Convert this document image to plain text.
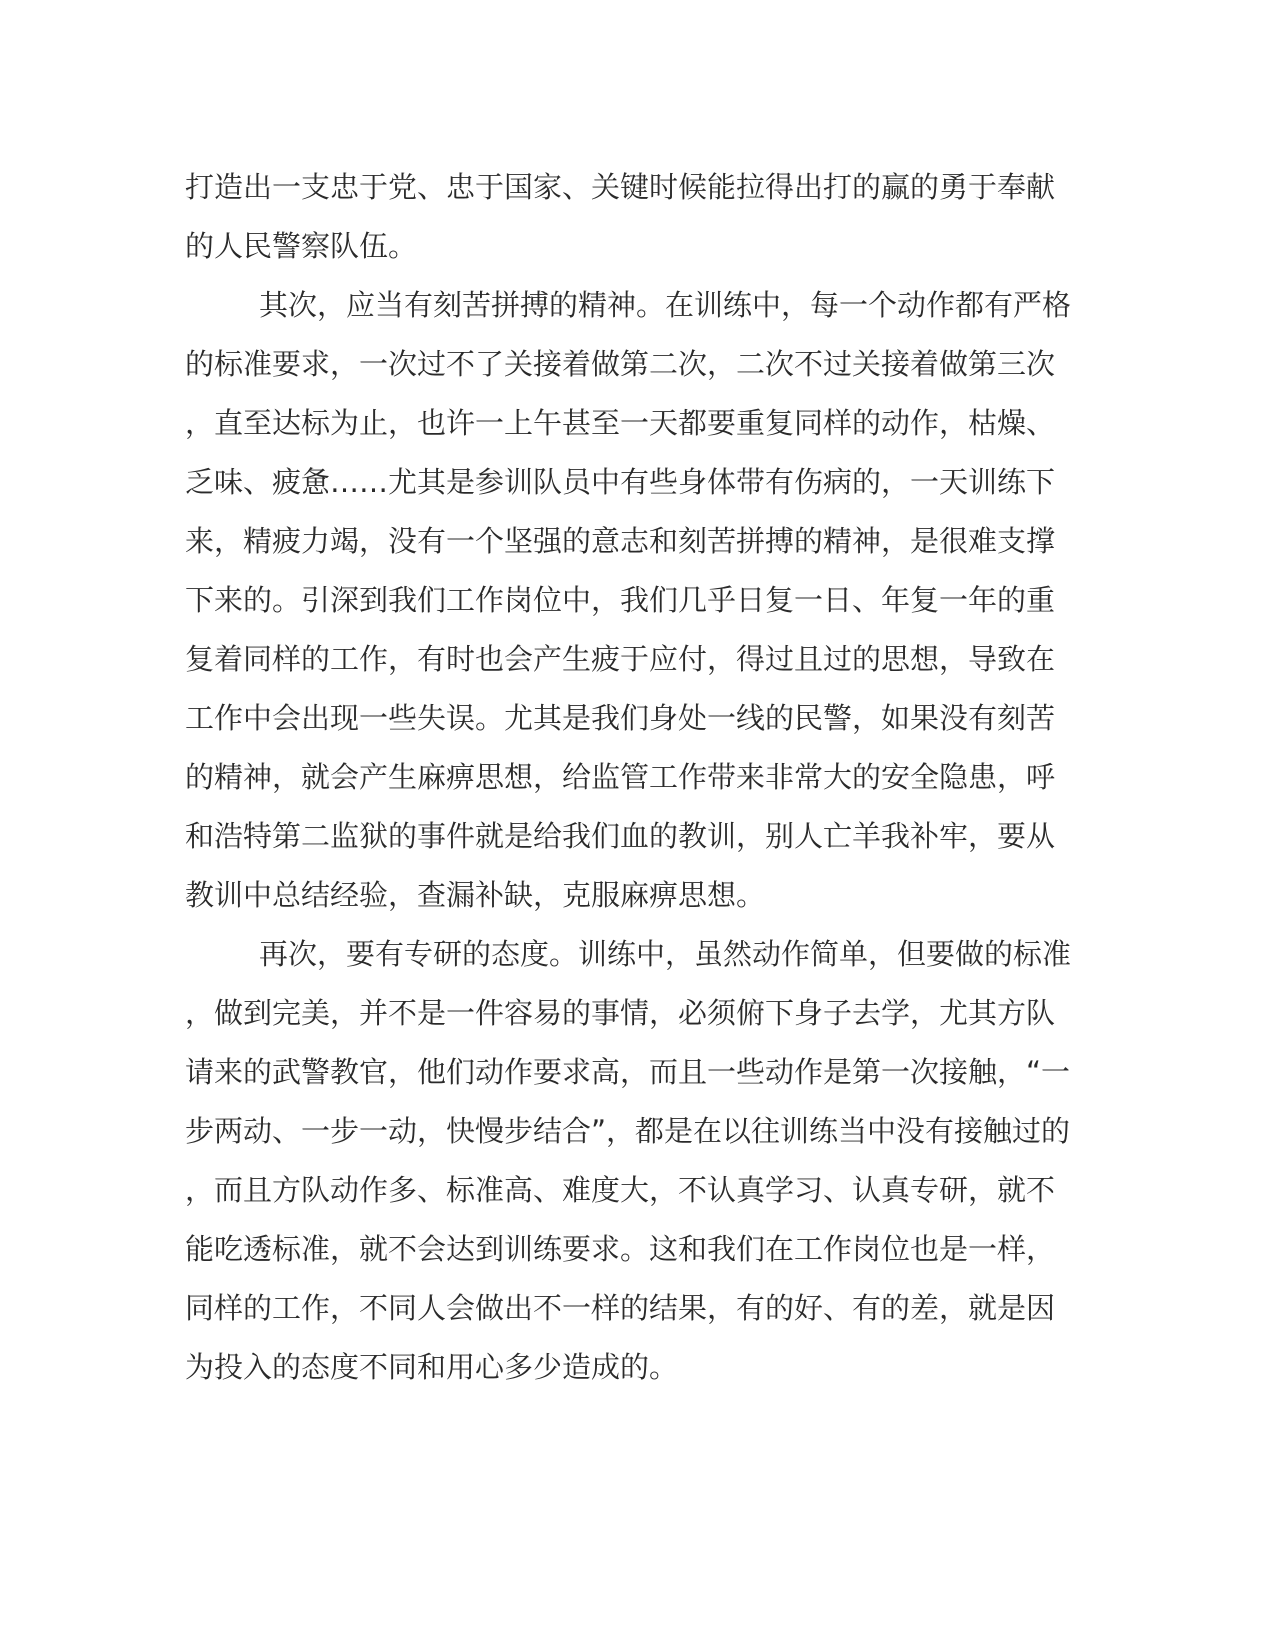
打造出一支忠于党、忠于国家、关键时候能拉得出打的赢的勇于奉献
的人民警察队伍。
其次，应当有刻苦拼搏的精神。在训练中，每一个动作都有严格
的标准要求，一次过不了关接着做第二次，二次不过关接着做第三次
，直至达标为止，也许一上午甚至一天都要重复同样的动作，枯燥、
乏味、疲惫……尤其是参训队员中有些身体带有伤病的，一天训练下
来，精疲力竭，没有一个坚强的意志和刻苦拼搏的精神，是很难支撑
下来的。引深到我们工作岗位中，我们几乎日复一日、年复一年的重
复着同样的工作，有时也会产生疲于应付，得过且过的思想，导致在
工作中会出现一些失误。尤其是我们身处一线的民警，如果没有刻苦
的精神，就会产生麻痹思想，给监管工作带来非常大的安全隐患，呼
和浩特第二监狱的事件就是给我们血的教训，别人亡羊我补牢，要从
教训中总结经验，查漏补缺，克服麻痹思想。
再次，要有专研的态度。训练中，虽然动作简单，但要做的标准
，做到完美，并不是一件容易的事情，必须俯下身子去学，尤其方队
请来的武警教官，他们动作要求高，而且一些动作是第一次接触，“一
步两动、一步一动，快慢步结合”，都是在以往训练当中没有接触过的
，而且方队动作多、标准高、难度大，不认真学习、认真专研，就不
能吃透标准，就不会达到训练要求。这和我们在工作岗位也是一样，
同样的工作，不同人会做出不一样的结果，有的好、有的差，就是因
为投入的态度不同和用心多少造成的。
